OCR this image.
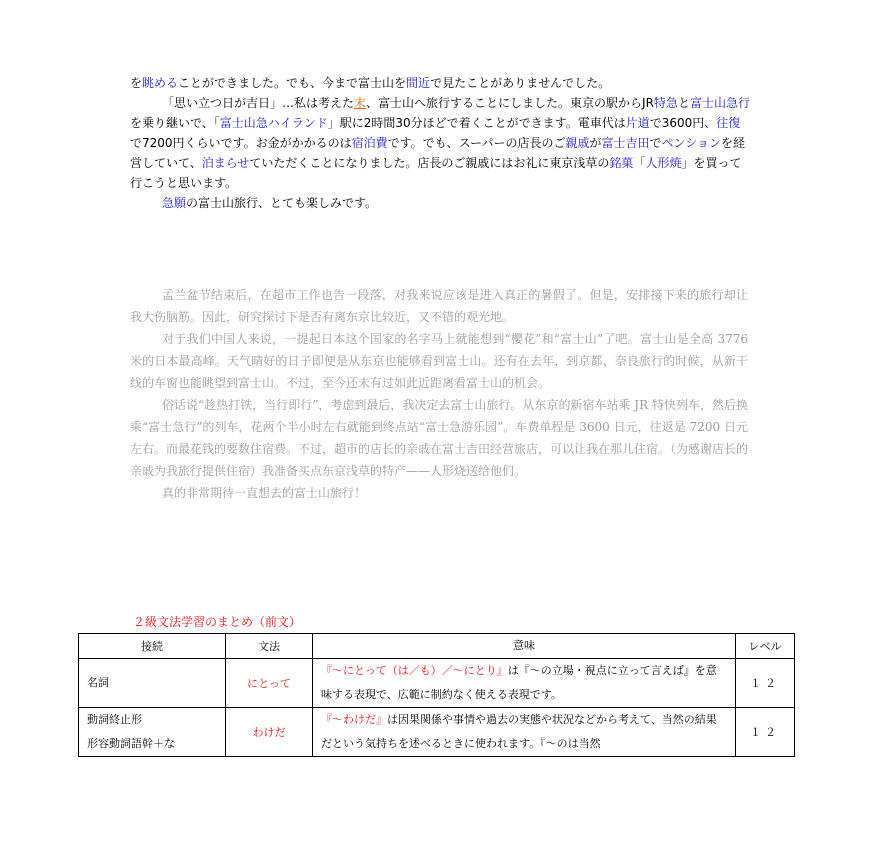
を眺めることができました。でも、今まで富士山を間近で見たことがありませんでした。

「思い立つ日が吉日」…私は考えた末、富士山へ旅行することにしました。東京の駅からJR特急と富士山急行を乗り継いで、「富士山急ハイランド」駅に2時間30分ほどで着くことができます。電車代は片道で3600円、往復で7200円くらいです。お金がかかるのは宿泊費です。でも、スーパーの店長のご親戚が富士吉田でペンションを経営していて、泊まらせていただくことになりました。店長のご親戚にはお礼に東京浅草の銘菓「人形焼」を買って行こうと思います。

急願の富士山旅行、とても楽しみです。

孟兰盆节结束后，在超市工作也告一段落，对我来说应该是进入真正的暑假了。但是，安排接下来的旅行却让我大伤脑筋。因此，研究探讨下是否有离东京比较近，又不错的观光地。

对于我们中国人来说，一提起日本这个国家的名字马上就能想到“樱花”和“富士山”了吧。富士山是全高 3776 米的日本最高峰。天气晴好的日子即便是从东京也能够看到富士山。还有在去年，到京都、奈良旅行的时候，从新干线的车窗也能眺望到富士山。不过，至今还未有过如此近距离看富士山的机会。

俗话说“趁热打铁，当行即行”，考虑到最后，我决定去富士山旅行。从东京的新宿车站乘 JR 特快列车，然后换乘“富士急行”的列车，花两个半小时左右就能到终点站“富士急游乐园”。车费单程是 3600 日元，往返是 7200 日元左右。而最花钱的要数住宿费。不过，超市的店长的亲戚在富士吉田经营旅店，可以让我在那儿住宿。（为感谢店长的亲戚为我旅行提供住宿）我准备买点东京浅草的特产——人形烧送给他们。

真的非常期待一直想去的富士山旅行！

２級文法学習のまとめ（前文）
接続	文法	意味	レベル

名詞	にとって	『～にとって（は／も）／～にとり』は『～の立場・視点に立って言えば』を意味する表現で、広範に制約なく使える表現です。	１２

動詞終止形
形容動詞語幹＋な	わけだ	『～わけだ』は因果関係や事情や過去の実態や状況などから考えて、当然の結果だという気持ちを述べるときに使われます。『～のは当然	１２
